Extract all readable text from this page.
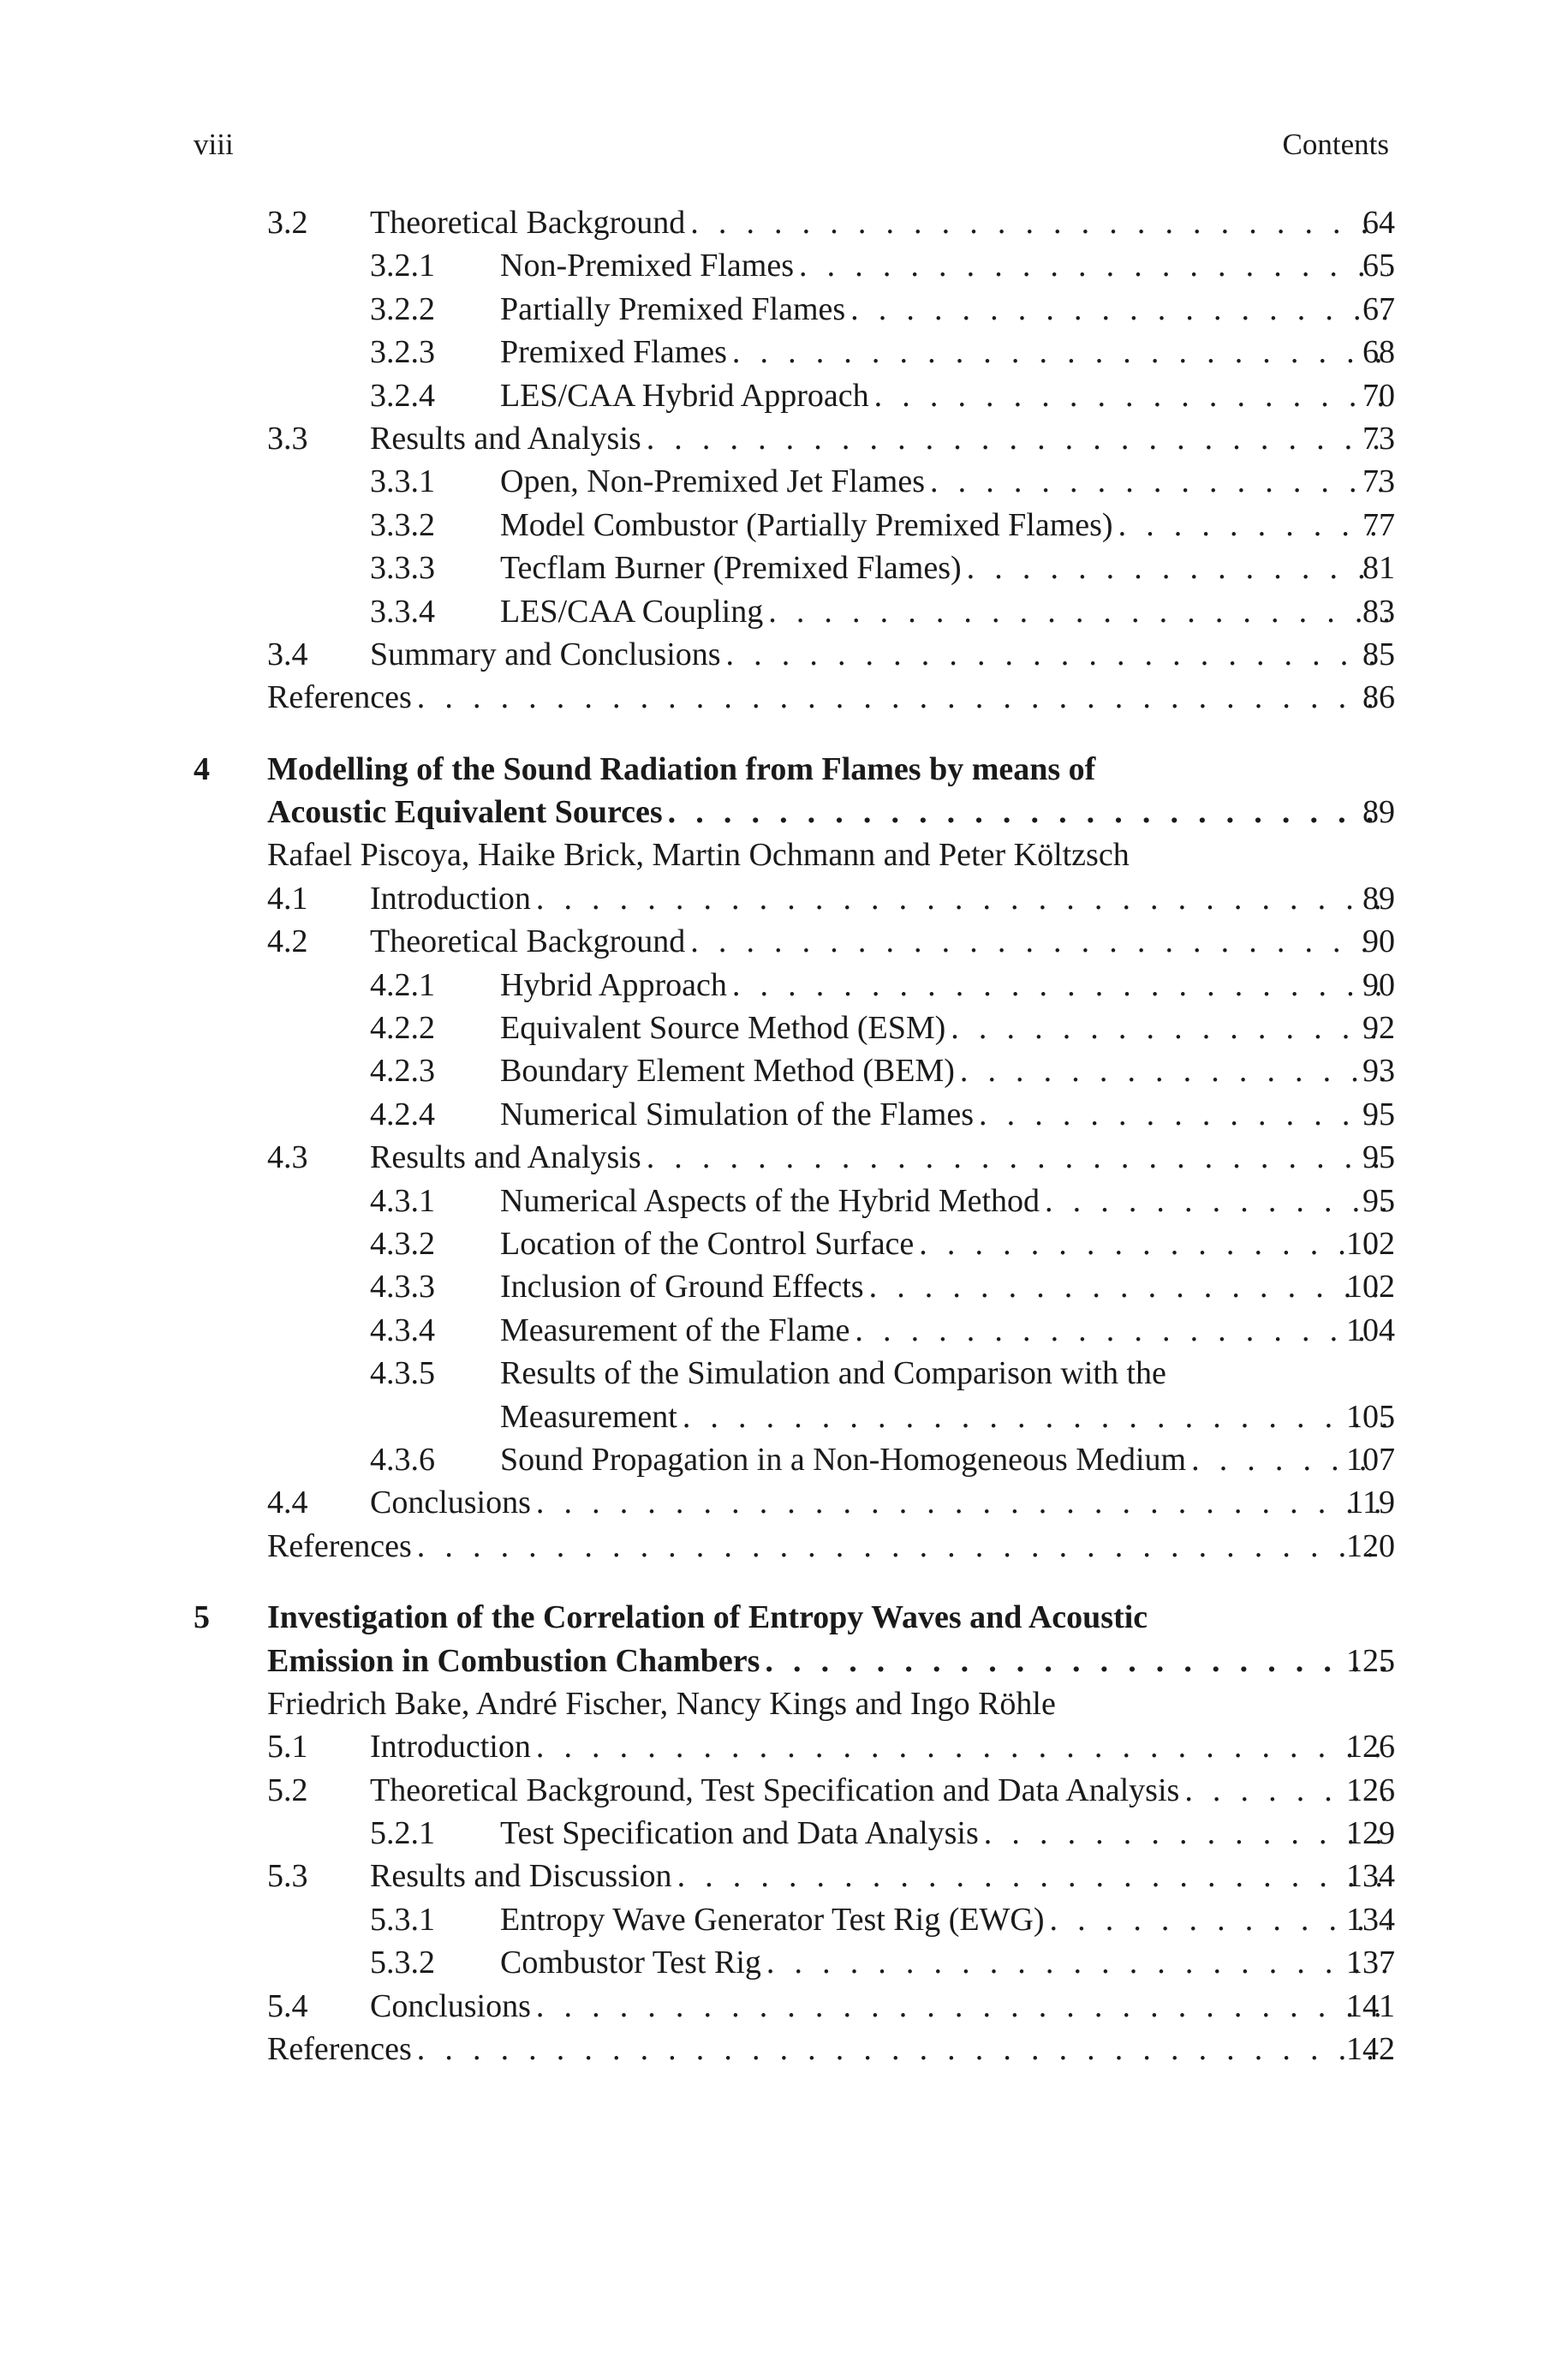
viii	Contents
3.2 Theoretical Background . . .	64
3.2.1 Non-Premixed Flames . . .	65
3.2.2 Partially Premixed Flames . . .	67
3.2.3 Premixed Flames . . .	68
3.2.4 LES/CAA Hybrid Approach . . .	70
3.3 Results and Analysis . . .	73
3.3.1 Open, Non-Premixed Jet Flames . . .	73
3.3.2 Model Combustor (Partially Premixed Flames) . . .	77
3.3.3 Tecflam Burner (Premixed Flames) . . .	81
3.3.4 LES/CAA Coupling . . .	83
3.4 Summary and Conclusions . . .	85
References . . .	86
4 Modelling of the Sound Radiation from Flames by means of
Acoustic Equivalent Sources . . .	89
Rafael Piscoya, Haike Brick, Martin Ochmann and Peter Költzsch
4.1 Introduction . . .	89
4.2 Theoretical Background . . .	90
4.2.1 Hybrid Approach . . .	90
4.2.2 Equivalent Source Method (ESM) . . .	92
4.2.3 Boundary Element Method (BEM) . . .	93
4.2.4 Numerical Simulation of the Flames . . .	95
4.3 Results and Analysis . . .	95
4.3.1 Numerical Aspects of the Hybrid Method . . .	95
4.3.2 Location of the Control Surface . . .	102
4.3.3 Inclusion of Ground Effects . . .	102
4.3.4 Measurement of the Flame . . .	104
4.3.5 Results of the Simulation and Comparison with the
Measurement . . .	105
4.3.6 Sound Propagation in a Non-Homogeneous Medium . . .	107
4.4 Conclusions . . .	119
References . . .	120
5 Investigation of the Correlation of Entropy Waves and Acoustic
Emission in Combustion Chambers . . .	125
Friedrich Bake, André Fischer, Nancy Kings and Ingo Röhle
5.1 Introduction . . .	126
5.2 Theoretical Background, Test Specification and Data Analysis . . .	126
5.2.1 Test Specification and Data Analysis . . .	129
5.3 Results and Discussion . . .	134
5.3.1 Entropy Wave Generator Test Rig (EWG) . . .	134
5.3.2 Combustor Test Rig . . .	137
5.4 Conclusions . . .	141
References . . .	142
